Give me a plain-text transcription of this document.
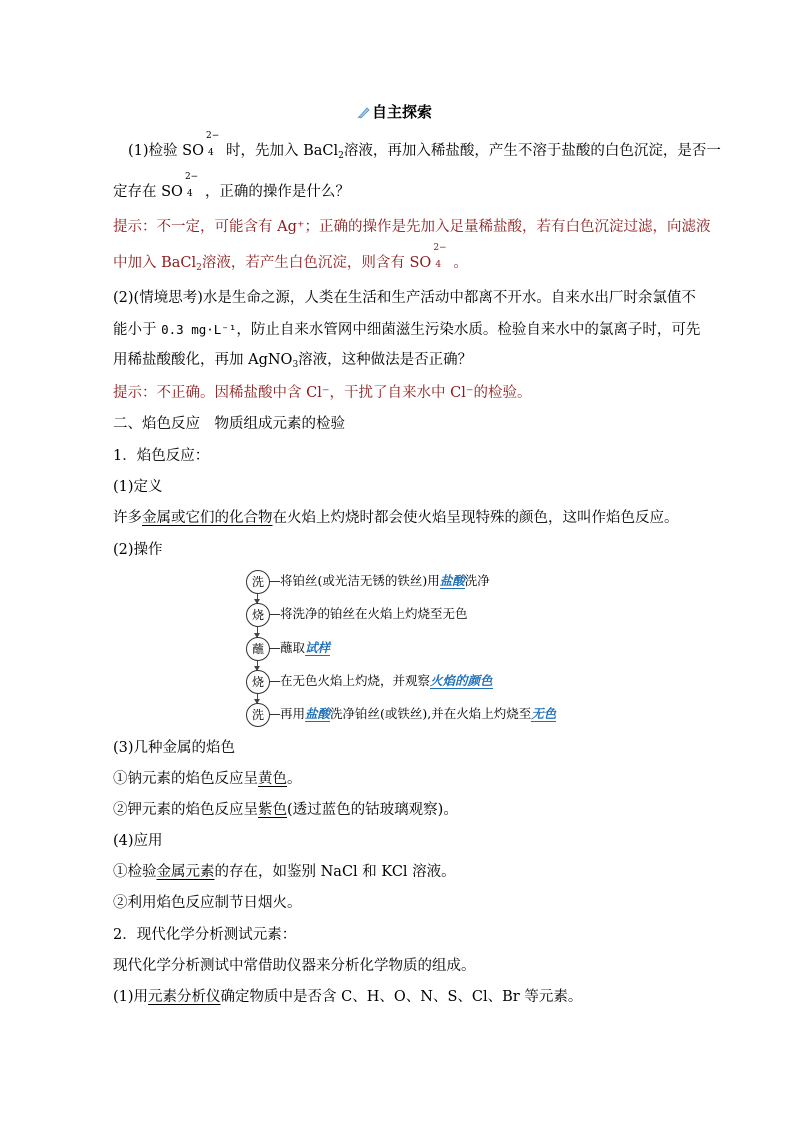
自主探索
(1)检验 SO
2−
4 时，先加入 BaCl$_2$溶液，再加入稀盐酸，产生不溶于盐酸的白色沉淀，是否一
定存在 SO
2−
4 ，正确的操作是什么？
提示：不一定，可能含有 Ag⁺；正确的操作是先加入足量稀盐酸，若有白色沉淀过滤，向滤液
中加入 BaCl$_2$溶液，若产生白色沉淀，则含有 SO
2−
4 。
(2)(情境思考)水是生命之源，人类在生活和生产活动中都离不开水。自来水出厂时余氯值不
能小于 0.3 mg·L⁻¹，防止自来水管网中细菌滋生污染水质。检验自来水中的氯离子时，可先
用稀盐酸酸化，再加 AgNO$_3$溶液，这种做法是否正确？
提示：不正确。因稀盐酸中含 Cl⁻，干扰了自来水中 Cl⁻的检验。
二、焰色反应　物质组成元素的检验
1．焰色反应：
(1)定义
许多金属或它们的化合物在火焰上灼烧时都会使火焰呈现特殊的颜色，这叫作焰色反应。
(2)操作
洗	将铂丝(或光洁无锈的铁丝)用盐酸洗净
烧	将洗净的铂丝在火焰上灼烧至无色
蘸	蘸取试样
烧	在无色火焰上灼烧，并观察火焰的颜色
洗	再用盐酸洗净铂丝(或铁丝),并在火焰上灼烧至无色
(3)几种金属的焰色
①钠元素的焰色反应呈黄色。
②钾元素的焰色反应呈紫色(透过蓝色的钴玻璃观察)。
(4)应用
①检验金属元素的存在，如鉴别 NaCl 和 KCl 溶液。
②利用焰色反应制节日烟火。
2．现代化学分析测试元素：
现代化学分析测试中常借助仪器来分析化学物质的组成。
(1)用元素分析仪确定物质中是否含 C、H、O、N、S、Cl、Br 等元素。
